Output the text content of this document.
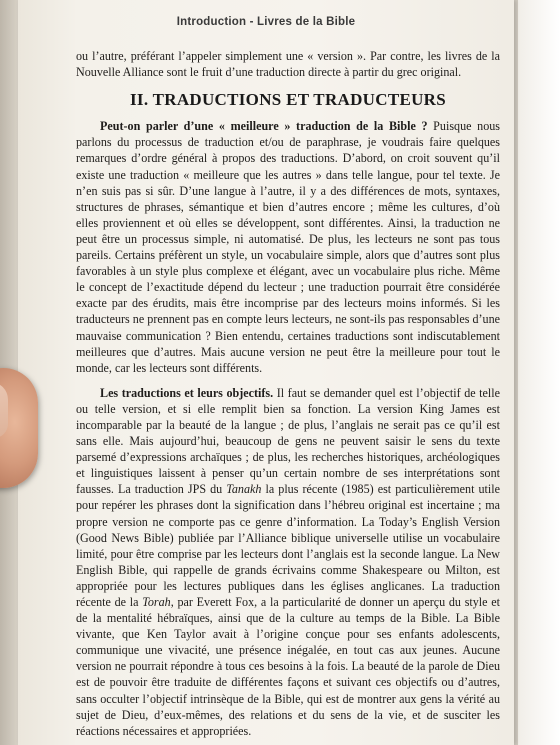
Introduction - Livres de la Bible

ou l’autre, préférant l’appeler simplement une « version ». Par contre, les livres de la Nouvelle Alliance sont le fruit d’une traduction directe à partir du grec original.

II. TRADUCTIONS ET TRADUCTEURS

Peut-on parler d’une « meilleure » traduction de la Bible ? Puisque nous parlons du processus de traduction et/ou de paraphrase, je voudrais faire quelques remarques d’ordre général à propos des traductions. D’abord, on croit souvent qu’il existe une traduction « meilleure que les autres » dans telle langue, pour tel texte. Je n’en suis pas si sûr. D’une langue à l’autre, il y a des différences de mots, syntaxes, structures de phrases, sémantique et bien d’autres encore ; même les cultures, d’où elles proviennent et où elles se développent, sont différentes. Ainsi, la traduction ne peut être un processus simple, ni automatisé. De plus, les lecteurs ne sont pas tous pareils. Certains préfèrent un style, un vocabulaire simple, alors que d’autres sont plus favorables à un style plus complexe et élégant, avec un vocabulaire plus riche. Même le concept de l’exactitude dépend du lecteur ; une traduction pourrait être considérée exacte par des érudits, mais être incomprise par des lecteurs moins informés. Si les traducteurs ne prennent pas en compte leurs lecteurs, ne sont-ils pas responsables d’une mauvaise communication ? Bien entendu, certaines traductions sont indiscutablement meilleures que d’autres. Mais aucune version ne peut être la meilleure pour tout le monde, car les lecteurs sont différents.

Les traductions et leurs objectifs. Il faut se demander quel est l’objectif de telle ou telle version, et si elle remplit bien sa fonction. La version King James est incomparable par la beauté de la langue ; de plus, l’anglais ne serait pas ce qu’il est sans elle. Mais aujourd’hui, beaucoup de gens ne peuvent saisir le sens du texte parsemé d’expressions archaïques ; de plus, les recherches historiques, archéologiques et linguistiques laissent à penser qu’un certain nombre de ses interprétations sont fausses. La traduction JPS du Tanakh la plus récente (1985) est particulièrement utile pour repérer les phrases dont la signification dans l’hébreu original est incertaine ; ma propre version ne comporte pas ce genre d’information. La Today’s English Version (Good News Bible) publiée par l’Alliance biblique universelle utilise un vocabulaire limité, pour être comprise par les lecteurs dont l’anglais est la seconde langue. La New English Bible, qui rappelle de grands écrivains comme Shakespeare ou Milton, est appropriée pour les lectures publiques dans les églises anglicanes. La traduction récente de la Torah, par Everett Fox, a la particularité de donner un aperçu du style et de la mentalité hébraïques, ainsi que de la culture au temps de la Bible. La Bible vivante, que Ken Taylor avait à l’origine conçue pour ses enfants adolescents, communique une vivacité, une présence inégalée, en tout cas aux jeunes. Aucune version ne pourrait répondre à tous ces besoins à la fois. La beauté de la parole de Dieu est de pouvoir être traduite de différentes façons et suivant ces objectifs ou d’autres, sans occulter l’objectif intrinsèque de la Bible, qui est de montrer aux gens la vérité au sujet de Dieu, d’eux-mêmes, des relations et du sens de la vie, et de susciter les réactions nécessaires et appropriées.
